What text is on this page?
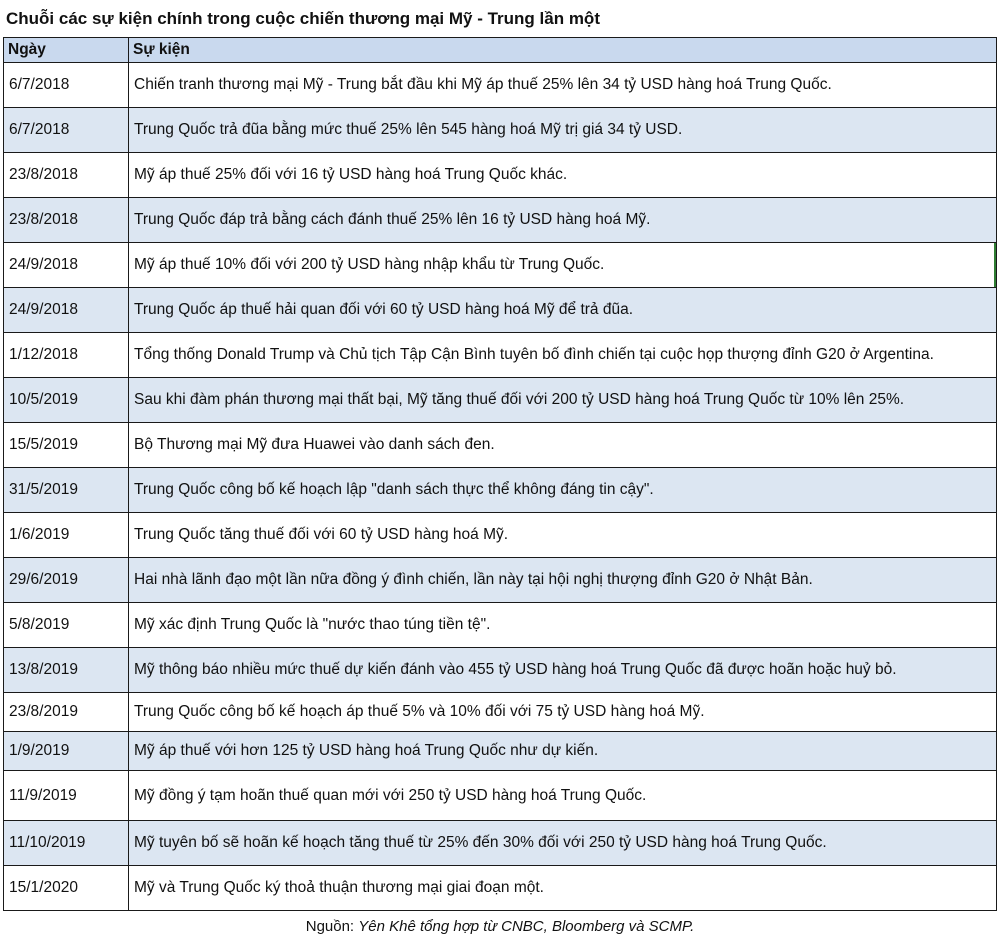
Chuỗi các sự kiện chính trong cuộc chiến thương mại Mỹ - Trung lần một
Ngày	Sự kiện
6/7/2018	Chiến tranh thương mại Mỹ - Trung bắt đầu khi Mỹ áp thuế 25% lên 34 tỷ USD hàng hoá Trung Quốc.
6/7/2018	Trung Quốc trả đũa bằng mức thuế 25% lên 545 hàng hoá Mỹ trị giá 34 tỷ USD.
23/8/2018	Mỹ áp thuế 25% đối với 16 tỷ USD hàng hoá Trung Quốc khác.
23/8/2018	Trung Quốc đáp trả bằng cách đánh thuế 25% lên 16 tỷ USD hàng hoá Mỹ.
24/9/2018	Mỹ áp thuế 10% đối với 200 tỷ USD hàng nhập khẩu từ Trung Quốc.
24/9/2018	Trung Quốc áp thuế hải quan đối với 60 tỷ USD hàng hoá Mỹ để trả đũa.
1/12/2018	Tổng thống Donald Trump và Chủ tịch Tập Cận Bình tuyên bố đình chiến tại cuộc họp thượng đỉnh G20 ở Argentina.
10/5/2019	Sau khi đàm phán thương mại thất bại, Mỹ tăng thuế đối với 200 tỷ USD hàng hoá Trung Quốc từ 10% lên 25%.
15/5/2019	Bộ Thương mại Mỹ đưa Huawei vào danh sách đen.
31/5/2019	Trung Quốc công bố kế hoạch lập "danh sách thực thể không đáng tin cậy".
1/6/2019	Trung Quốc tăng thuế đối với 60 tỷ USD hàng hoá Mỹ.
29/6/2019	Hai nhà lãnh đạo một lần nữa đồng ý đình chiến, lần này tại hội nghị thượng đỉnh G20 ở Nhật Bản.
5/8/2019	Mỹ xác định Trung Quốc là "nước thao túng tiền tệ".
13/8/2019	Mỹ thông báo nhiều mức thuế dự kiến đánh vào 455 tỷ USD hàng hoá Trung Quốc đã được hoãn hoặc huỷ bỏ.
23/8/2019	Trung Quốc công bố kế hoạch áp thuế 5% và 10% đối với 75 tỷ USD hàng hoá Mỹ.
1/9/2019	Mỹ áp thuế với hơn 125 tỷ USD hàng hoá Trung Quốc như dự kiến.
11/9/2019	Mỹ đồng ý tạm hoãn thuế quan mới với 250 tỷ USD hàng hoá Trung Quốc.
11/10/2019	Mỹ tuyên bố sẽ hoãn kế hoạch tăng thuế từ 25% đến 30% đối với 250 tỷ USD hàng hoá Trung Quốc.
15/1/2020	Mỹ và Trung Quốc ký thoả thuận thương mại giai đoạn một.
Nguồn: Yên Khê tổng hợp từ CNBC, Bloomberg và SCMP.
